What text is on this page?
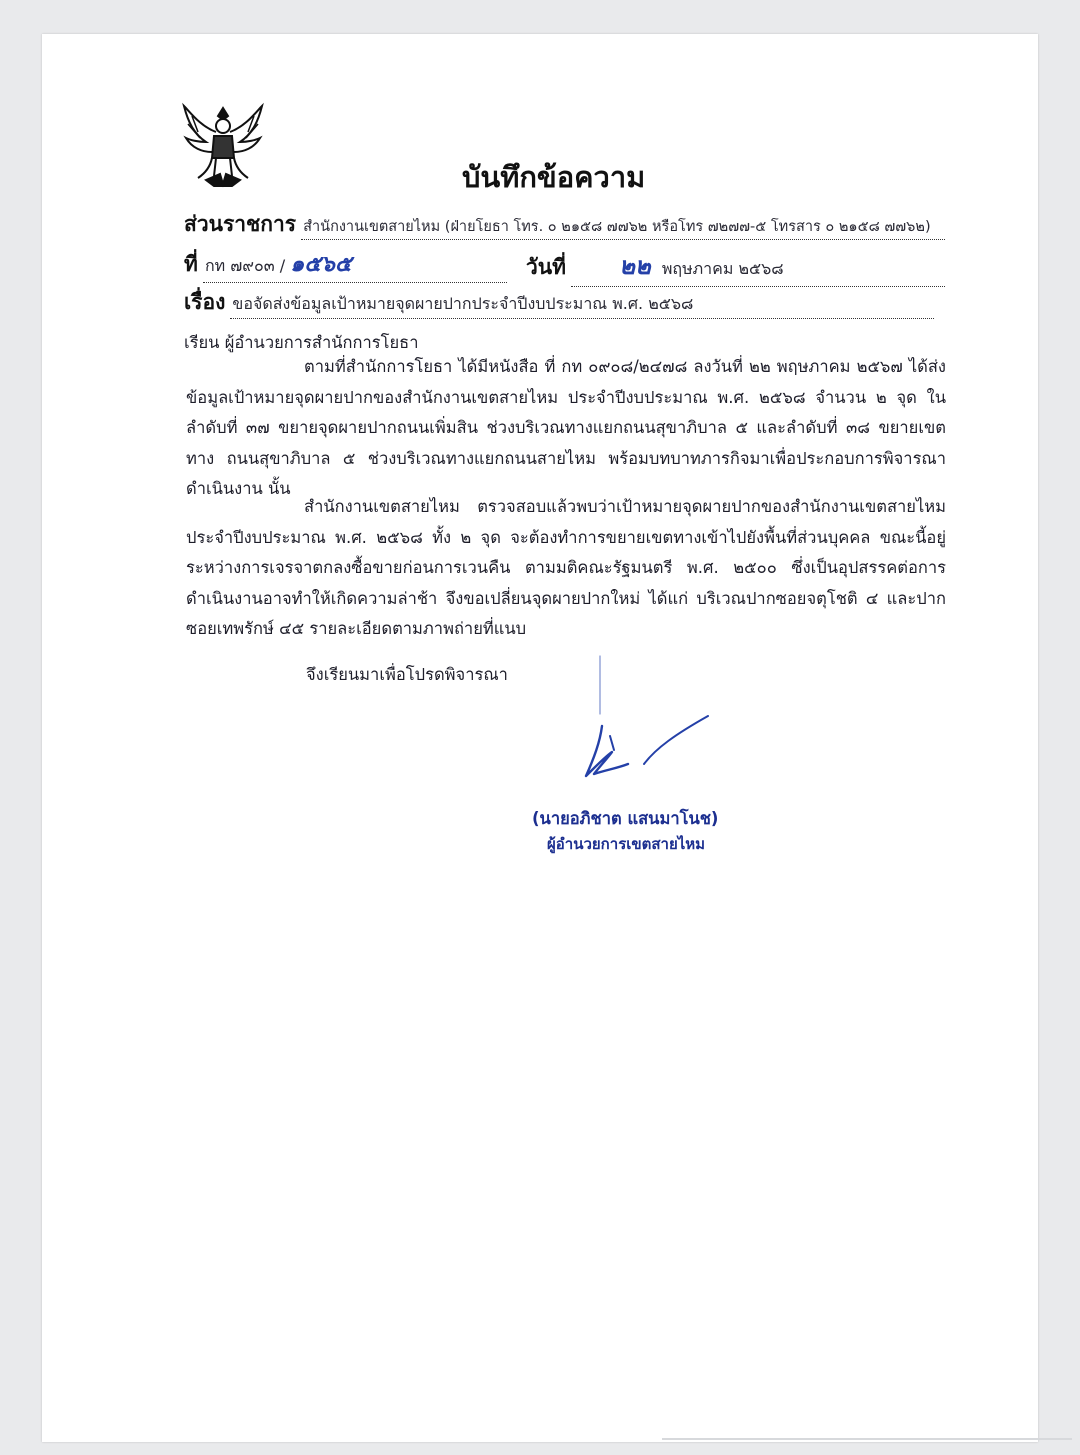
บันทึกข้อความ
ส่วนราชการ สำนักงานเขตสายไหม (ฝ่ายโยธา โทร. ๐ ๒๑๕๘ ๗๗๖๒ หรือโทร ๗๒๗๗-๕ โทรสาร ๐ ๒๑๕๘ ๗๗๖๒)
ที่ กท ๗๙๐๓ / ๑๕๖๕	วันที่ ๒๒ พฤษภาคม ๒๕๖๘
เรื่อง ขอจัดส่งข้อมูลเป้าหมายจุดผายปากประจำปีงบประมาณ พ.ศ. ๒๕๖๘
เรียน ผู้อำนวยการสำนักการโยธา

ตามที่สำนักการโยธา ได้มีหนังสือ ที่ กท ๐๙๐๘/๒๔๗๘ ลงวันที่ ๒๒ พฤษภาคม ๒๕๖๗ ได้ส่งข้อมูลเป้าหมายจุดผายปากของสำนักงานเขตสายไหม ประจำปีงบประมาณ พ.ศ. ๒๕๖๘ จำนวน ๒ จุด ในลำดับที่ ๓๗ ขยายจุดผายปากถนนเพิ่มสิน ช่วงบริเวณทางแยกถนนสุขาภิบาล ๕ และลำดับที่ ๓๘ ขยายเขตทาง ถนนสุขาภิบาล ๕ ช่วงบริเวณทางแยกถนนสายไหม พร้อมบทบาทภารกิจมาเพื่อประกอบการพิจารณาดำเนินงาน นั้น

สำนักงานเขตสายไหม ตรวจสอบแล้วพบว่าเป้าหมายจุดผายปากของสำนักงานเขตสายไหม ประจำปีงบประมาณ พ.ศ. ๒๕๖๘ ทั้ง ๒ จุด จะต้องทำการขยายเขตทางเข้าไปยังพื้นที่ส่วนบุคคล ขณะนี้อยู่ระหว่างการเจรจาตกลงซื้อขายก่อนการเวนคืน ตามมติคณะรัฐมนตรี พ.ศ. ๒๕๐๐ ซึ่งเป็นอุปสรรคต่อการดำเนินงานอาจทำให้เกิดความล่าช้า จึงขอเปลี่ยนจุดผายปากใหม่ ได้แก่ บริเวณปากซอยจตุโชติ ๔ และปากซอยเทพรักษ์ ๔๕ รายละเอียดตามภาพถ่ายที่แนบ

จึงเรียนมาเพื่อโปรดพิจารณา
(นายอภิชาต แสนมาโนช)
ผู้อำนวยการเขตสายไหม
